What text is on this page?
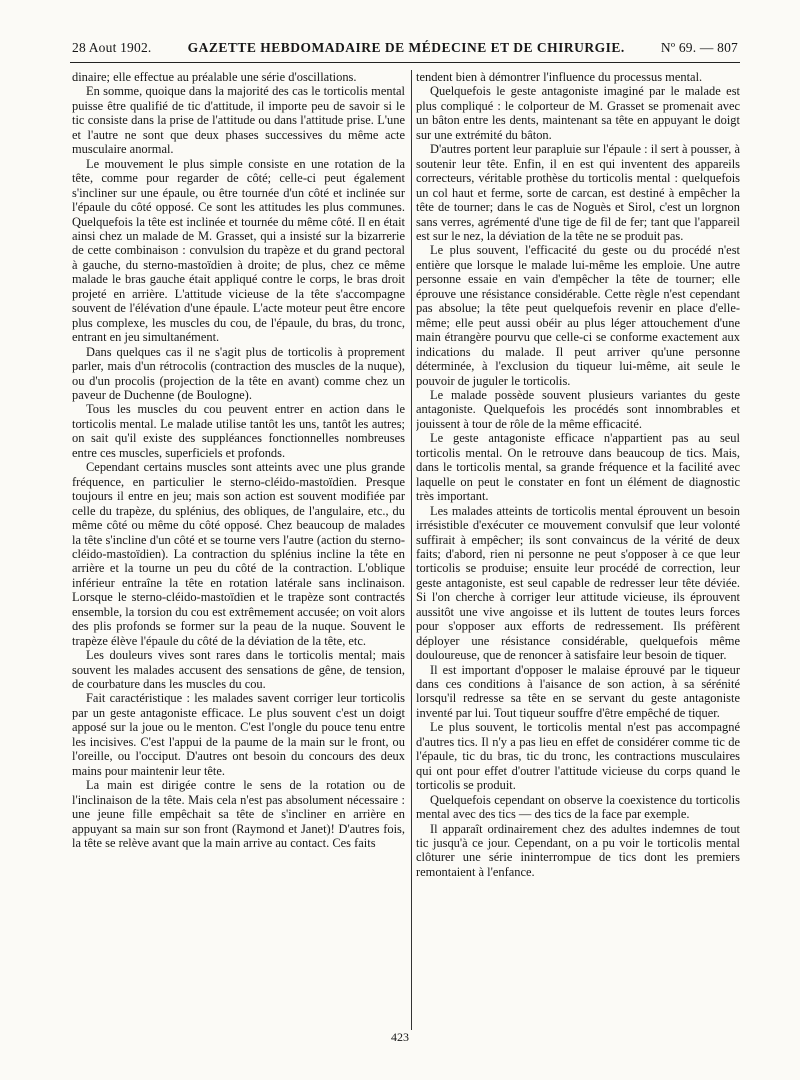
28 Aout 1902.	GAZETTE HEBDOMADAIRE DE MÉDECINE ET DE CHIRURGIE.	Nº 69. — 807

dinaire; elle effectue au préalable une série d'oscillations.

En somme, quoique dans la majorité des cas le torticolis mental puisse être qualifié de tic d'attitude, il importe peu de savoir si le tic consiste dans la prise de l'attitude ou dans l'attitude prise. L'une et l'autre ne sont que deux phases successives du même acte musculaire anormal.

Le mouvement le plus simple consiste en une rotation de la tête, comme pour regarder de côté; celle-ci peut également s'incliner sur une épaule, ou être tournée d'un côté et inclinée sur l'épaule du côté opposé. Ce sont les attitudes les plus communes. Quelquefois la tête est inclinée et tournée du même côté. Il en était ainsi chez un malade de M. Grasset, qui a insisté sur la bizarrerie de cette combinaison : convulsion du trapèze et du grand pectoral à gauche, du sterno-mastoïdien à droite; de plus, chez ce même malade le bras gauche était appliqué contre le corps, le bras droit projeté en arrière. L'attitude vicieuse de la tête s'accompagne souvent de l'élévation d'une épaule. L'acte moteur peut être encore plus complexe, les muscles du cou, de l'épaule, du bras, du tronc, entrant en jeu simultanément.

Dans quelques cas il ne s'agit plus de torticolis à proprement parler, mais d'un rétrocolis (contraction des muscles de la nuque), ou d'un procolis (projection de la tête en avant) comme chez un paveur de Duchenne (de Boulogne).

Tous les muscles du cou peuvent entrer en action dans le torticolis mental. Le malade utilise tantôt les uns, tantôt les autres; on sait qu'il existe des suppléances fonctionnelles nombreuses entre ces muscles, superficiels et profonds.

Cependant certains muscles sont atteints avec une plus grande fréquence, en particulier le sterno-cléido-mastoïdien. Presque toujours il entre en jeu; mais son action est souvent modifiée par celle du trapèze, du splénius, des obliques, de l'angulaire, etc., du même côté ou même du côté opposé. Chez beaucoup de malades la tête s'incline d'un côté et se tourne vers l'autre (action du sterno-cléido-mastoïdien). La contraction du splénius incline la tête en arrière et la tourne un peu du côté de la contraction. L'oblique inférieur entraîne la tête en rotation latérale sans inclinaison. Lorsque le sterno-cléido-mastoïdien et le trapèze sont contractés ensemble, la torsion du cou est extrêmement accusée; on voit alors des plis profonds se former sur la peau de la nuque. Souvent le trapèze élève l'épaule du côté de la déviation de la tête, etc.

Les douleurs vives sont rares dans le torticolis mental; mais souvent les malades accusent des sensations de gêne, de tension, de courbature dans les muscles du cou.

Fait caractéristique : les malades savent corriger leur torticolis par un geste antagoniste efficace. Le plus souvent c'est un doigt apposé sur la joue ou le menton. C'est l'ongle du pouce tenu entre les incisives. C'est l'appui de la paume de la main sur le front, ou l'oreille, ou l'occiput. D'autres ont besoin du concours des deux mains pour maintenir leur tête.

La main est dirigée contre le sens de la rotation ou de l'inclinaison de la tête. Mais cela n'est pas absolument nécessaire : une jeune fille empêchait sa tête de s'incliner en arrière en appuyant sa main sur son front (Raymond et Janet)! D'autres fois, la tête se relève avant que la main arrive au contact. Ces faits

tendent bien à démontrer l'influence du processus mental.

Quelquefois le geste antagoniste imaginé par le malade est plus compliqué : le colporteur de M. Grasset se promenait avec un bâton entre les dents, maintenant sa tête en appuyant le doigt sur une extrémité du bâton.

D'autres portent leur parapluie sur l'épaule : il sert à pousser, à soutenir leur tête. Enfin, il en est qui inventent des appareils correcteurs, véritable prothèse du torticolis mental : quelquefois un col haut et ferme, sorte de carcan, est destiné à empêcher la tête de tourner; dans le cas de Noguès et Sirol, c'est un lorgnon sans verres, agrémenté d'une tige de fil de fer; tant que l'appareil est sur le nez, la déviation de la tête ne se produit pas.

Le plus souvent, l'efficacité du geste ou du procédé n'est entière que lorsque le malade lui-même les emploie. Une autre personne essaie en vain d'empêcher la tête de tourner; elle éprouve une résistance considérable. Cette règle n'est cependant pas absolue; la tête peut quelquefois revenir en place d'elle-même; elle peut aussi obéir au plus léger attouchement d'une main étrangère pourvu que celle-ci se conforme exactement aux indications du malade. Il peut arriver qu'une personne déterminée, à l'exclusion du tiqueur lui-même, ait seule le pouvoir de juguler le torticolis.

Le malade possède souvent plusieurs variantes du geste antagoniste. Quelquefois les procédés sont innombrables et jouissent à tour de rôle de la même efficacité.

Le geste antagoniste efficace n'appartient pas au seul torticolis mental. On le retrouve dans beaucoup de tics. Mais, dans le torticolis mental, sa grande fréquence et la facilité avec laquelle on peut le constater en font un élément de diagnostic très important.

Les malades atteints de torticolis mental éprouvent un besoin irrésistible d'exécuter ce mouvement convulsif que leur volonté suffirait à empêcher; ils sont convaincus de la vérité de deux faits; d'abord, rien ni personne ne peut s'opposer à ce que leur torticolis se produise; ensuite leur procédé de correction, leur geste antagoniste, est seul capable de redresser leur tête déviée. Si l'on cherche à corriger leur attitude vicieuse, ils éprouvent aussitôt une vive angoisse et ils luttent de toutes leurs forces pour s'opposer aux efforts de redressement. Ils préfèrent déployer une résistance considérable, quelquefois même douloureuse, que de renoncer à satisfaire leur besoin de tiquer.

Il est important d'opposer le malaise éprouvé par le tiqueur dans ces conditions à l'aisance de son action, à sa sérénité lorsqu'il redresse sa tête en se servant du geste antagoniste inventé par lui. Tout tiqueur souffre d'être empêché de tiquer.

Le plus souvent, le torticolis mental n'est pas accompagné d'autres tics. Il n'y a pas lieu en effet de considérer comme tic de l'épaule, tic du bras, tic du tronc, les contractions musculaires qui ont pour effet d'outrer l'attitude vicieuse du corps quand le torticolis se produit.

Quelquefois cependant on observe la coexistence du torticolis mental avec des tics — des tics de la face par exemple.

Il apparaît ordinairement chez des adultes indemnes de tout tic jusqu'à ce jour. Cependant, on a pu voir le torticolis mental clôturer une série ininterrompue de tics dont les premiers remontaient à l'enfance.

423
